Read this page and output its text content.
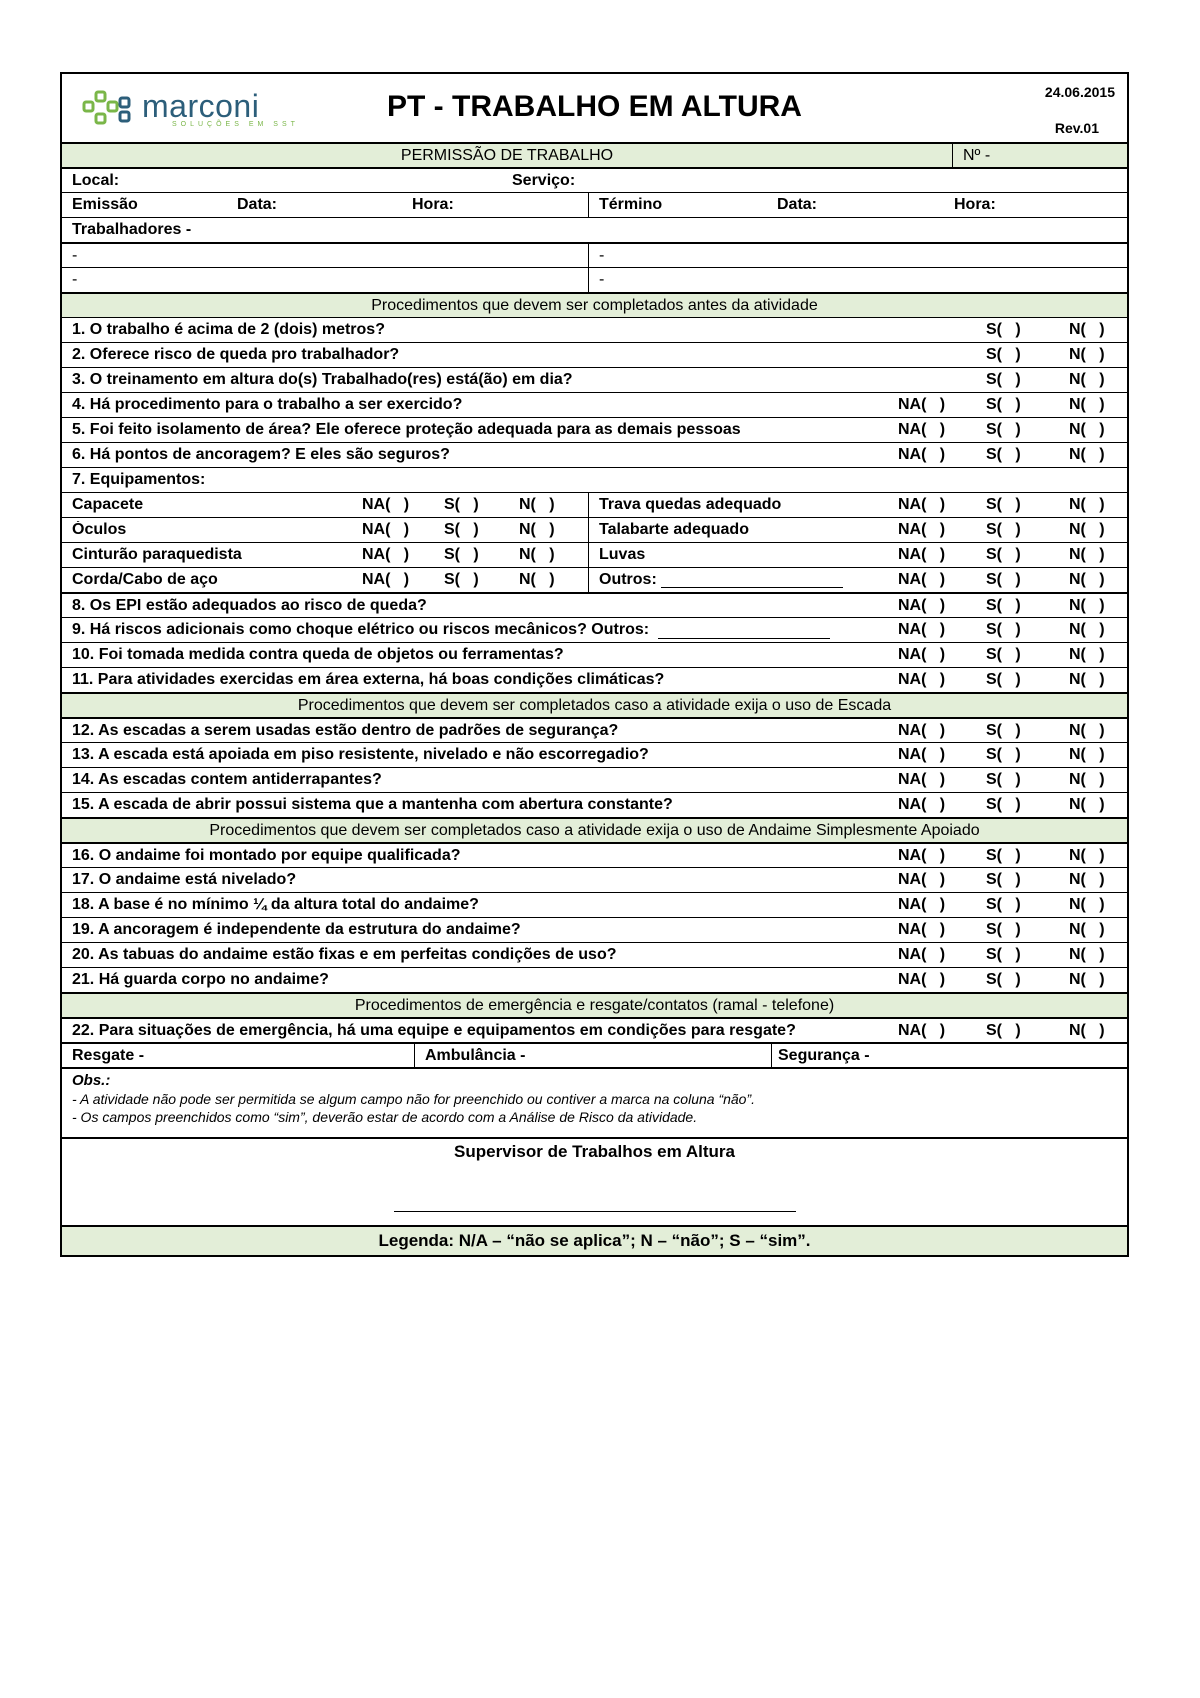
marconi
SOLUÇÕES EM SST
PT - TRABALHO EM ALTURA	24.06.2015
Rev.01
PERMISSÃO DE TRABALHO	Nº -
Local:	Serviço:
Emissão	Data:	Hora:	Término	Data:	Hora:
Trabalhadores -
-	-
-	-
Procedimentos que devem ser completados antes da atividade
1. O trabalho é acima de 2 (dois) metros?	S(   )	N(   )
2. Oferece risco de queda pro trabalhador?	S(   )	N(   )
3. O treinamento em altura do(s) Trabalhado(res) está(ão) em dia?	S(   )	N(   )
4. Há procedimento para o trabalho a ser exercido?	NA(   )	S(   )	N(   )
5. Foi feito isolamento de área? Ele oferece proteção adequada para as demais pessoas	NA(   )	S(   )	N(   )
6. Há pontos de ancoragem? E eles são seguros?	NA(   )	S(   )	N(   )
7. Equipamentos:
Capacete	NA(   )	S(   )	N(   )	Trava quedas adequado	NA(   )	S(   )	N(   )
Óculos	NA(   )	S(   )	N(   )	Talabarte adequado	NA(   )	S(   )	N(   )
Cinturão paraquedista	NA(   )	S(   )	N(   )	Luvas	NA(   )	S(   )	N(   )
Corda/Cabo de aço	NA(   )	S(   )	N(   )	Outros:	NA(   )	S(   )	N(   )
8. Os EPI estão adequados ao risco de queda?	NA(   )	S(   )	N(   )
9. Há riscos adicionais como choque elétrico ou riscos mecânicos? Outros:	NA(   )	S(   )	N(   )
10. Foi tomada medida contra queda de objetos ou ferramentas?	NA(   )	S(   )	N(   )
11. Para atividades exercidas em área externa, há boas condições climáticas?	NA(   )	S(   )	N(   )
Procedimentos que devem ser completados caso a atividade exija o uso de Escada
12. As escadas a serem usadas estão dentro de padrões de segurança?	NA(   )	S(   )	N(   )
13. A escada está apoiada em piso resistente, nivelado e não escorregadio?	NA(   )	S(   )	N(   )
14. As escadas contem antiderrapantes?	NA(   )	S(   )	N(   )
15. A escada de abrir possui sistema que a mantenha com abertura constante?	NA(   )	S(   )	N(   )
Procedimentos que devem ser completados caso a atividade exija o uso de Andaime Simplesmente Apoiado
16. O andaime foi montado por equipe qualificada?	NA(   )	S(   )	N(   )
17. O andaime está nivelado?	NA(   )	S(   )	N(   )
18. A base é no mínimo ¼ da altura total do andaime?	NA(   )	S(   )	N(   )
19. A ancoragem é independente da estrutura do andaime?	NA(   )	S(   )	N(   )
20. As tabuas do andaime estão fixas e em perfeitas condições de uso?	NA(   )	S(   )	N(   )
21. Há guarda corpo no andaime?	NA(   )	S(   )	N(   )
Procedimentos de emergência e resgate/contatos (ramal - telefone)
22. Para situações de emergência, há uma equipe e equipamentos em condições para resgate?	NA(   )	S(   )	N(   )
Resgate -	Ambulância -	Segurança -
Obs.:
- A atividade não pode ser permitida se algum campo não for preenchido ou contiver a marca na coluna “não”.
- Os campos preenchidos como “sim”, deverão estar de acordo com a Análise de Risco da atividade.
Supervisor de Trabalhos em Altura
Legenda: N/A – “não se aplica”; N – “não”; S – “sim”.
